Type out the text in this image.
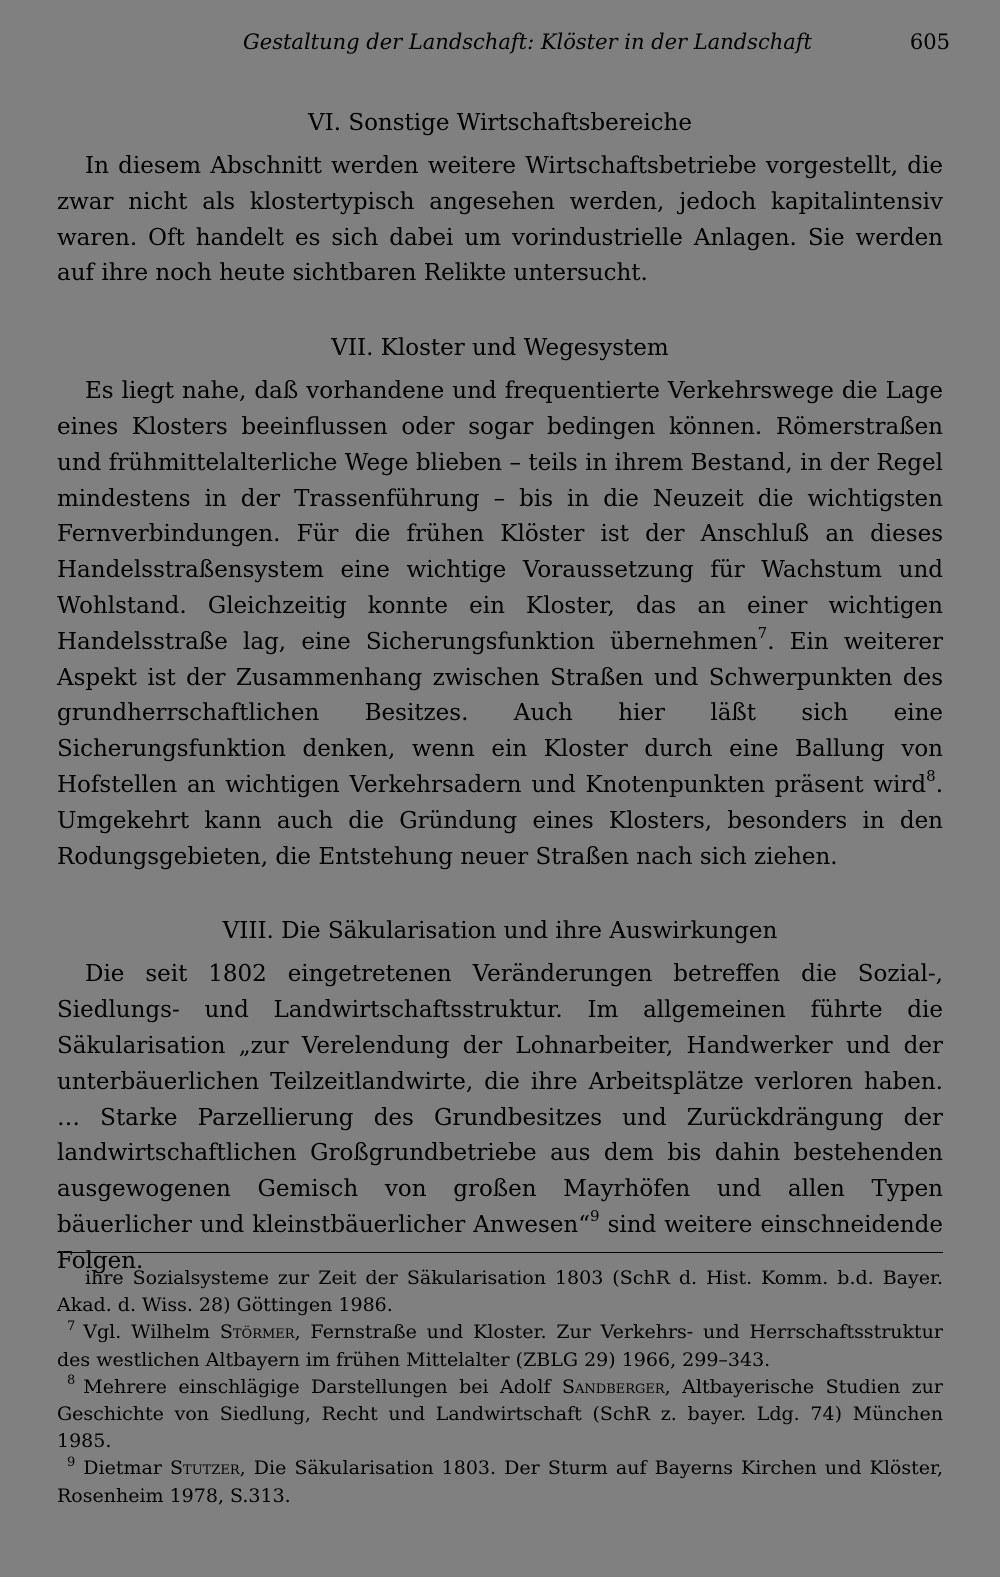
Gestaltung der Landschaft: Klöster in der Landschaft	605
VI. Sonstige Wirtschaftsbereiche

In diesem Abschnitt werden weitere Wirtschaftsbetriebe vorgestellt, die zwar nicht als klostertypisch angesehen werden, jedoch kapitalintensiv waren. Oft handelt es sich dabei um vorindustrielle Anlagen. Sie werden auf ihre noch heute sichtbaren Relikte untersucht.

VII. Kloster und Wegesystem

Es liegt nahe, daß vorhandene und frequentierte Verkehrswege die Lage eines Klosters beeinflussen oder sogar bedingen können. Römerstraßen und frühmittelalterliche Wege blieben – teils in ihrem Bestand, in der Regel mindestens in der Trassenführung – bis in die Neuzeit die wichtigsten Fernverbindungen. Für die frühen Klöster ist der Anschluß an dieses Handelsstraßensystem eine wichtige Voraussetzung für Wachstum und Wohlstand. Gleichzeitig konnte ein Kloster, das an einer wichtigen Handelsstraße lag, eine Sicherungsfunktion übernehmen$^7$. Ein weiterer Aspekt ist der Zusammenhang zwischen Straßen und Schwerpunkten des grundherrschaftlichen Besitzes. Auch hier läßt sich eine Sicherungsfunktion denken, wenn ein Kloster durch eine Ballung von Hofstellen an wichtigen Verkehrsadern und Knotenpunkten präsent wird$^8$. Umgekehrt kann auch die Gründung eines Klosters, besonders in den Rodungsgebieten, die Entstehung neuer Straßen nach sich ziehen.

VIII. Die Säkularisation und ihre Auswirkungen

Die seit 1802 eingetretenen Veränderungen betreffen die Sozial-, Siedlungs- und Landwirtschaftsstruktur. Im allgemeinen führte die Säkularisation „zur Verelendung der Lohnarbeiter, Handwerker und der unterbäuerlichen Teilzeitlandwirte, die ihre Arbeitsplätze verloren haben. … Starke Parzellierung des Grundbesitzes und Zurückdrängung der landwirtschaftlichen Großgrundbetriebe aus dem bis dahin bestehenden ausgewogenen Gemisch von großen Mayrhöfen und allen Typen bäuerlicher und kleinstbäuerlicher Anwesen“$^9$ sind weitere einschneidende Folgen.

ihre Sozialsysteme zur Zeit der Säkularisation 1803 (SchR d. Hist. Komm. b.d. Bayer. Akad. d. Wiss. 28) Göttingen 1986.

$^7$ Vgl. Wilhelm Störmer, Fernstraße und Kloster. Zur Verkehrs- und Herrschaftsstruktur des westlichen Altbayern im frühen Mittelalter (ZBLG 29) 1966, 299–343.

$^8$ Mehrere einschlägige Darstellungen bei Adolf Sandberger, Altbayerische Studien zur Geschichte von Siedlung, Recht und Landwirtschaft (SchR z. bayer. Ldg. 74) München 1985.

$^9$ Dietmar Stutzer, Die Säkularisation 1803. Der Sturm auf Bayerns Kirchen und Klöster, Rosenheim 1978, S.313.
